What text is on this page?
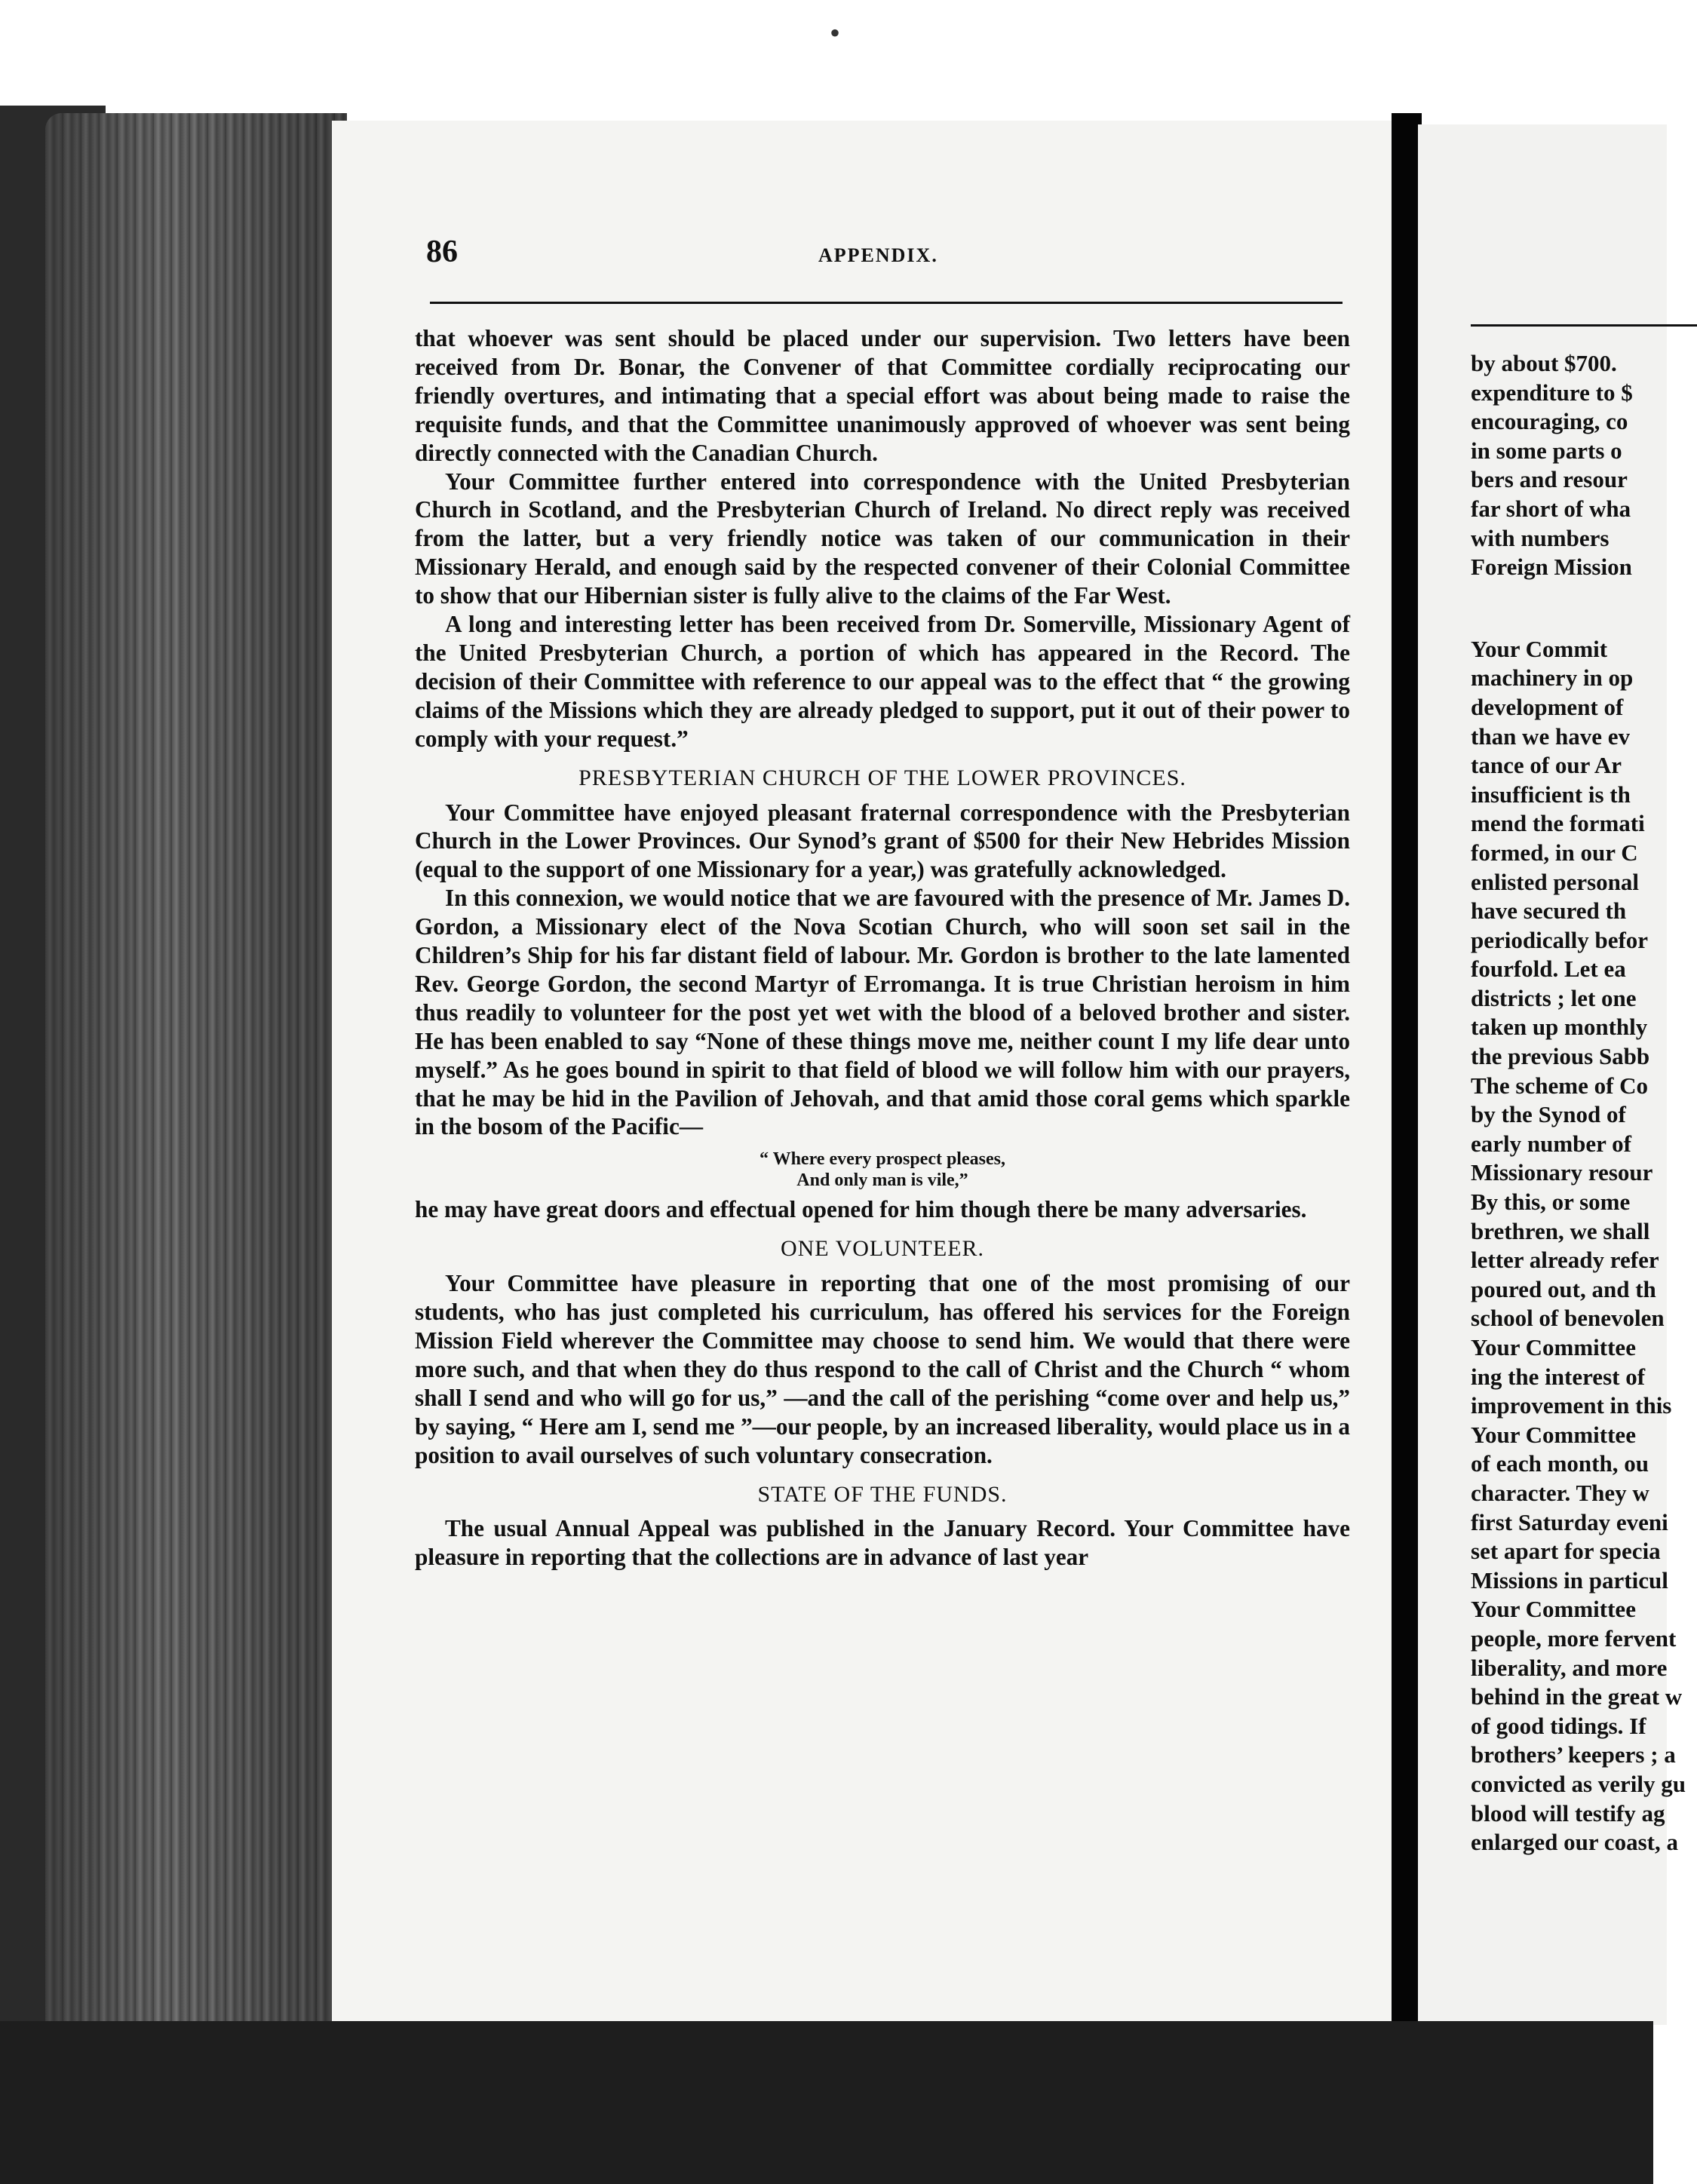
•
86	APPENDIX.

that whoever was sent should be placed under our supervision. Two letters have been received from Dr. Bonar, the Convener of that Committee cordially reciprocating our friendly overtures, and intimating that a special effort was about being made to raise the requisite funds, and that the Committee unanimously approved of whoever was sent being directly connected with the Canadian Church.

Your Committee further entered into correspondence with the United Presbyterian Church in Scotland, and the Presbyterian Church of Ireland. No direct reply was received from the latter, but a very friendly notice was taken of our communication in their Missionary Herald, and enough said by the respected convener of their Colonial Committee to show that our Hibernian sister is fully alive to the claims of the Far West.

A long and interesting letter has been received from Dr. Somerville, Missionary Agent of the United Presbyterian Church, a portion of which has appeared in the Record. The decision of their Committee with reference to our appeal was to the effect that “ the growing claims of the Missions which they are already pledged to support, put it out of their power to comply with your request.”

PRESBYTERIAN CHURCH OF THE LOWER PROVINCES.

Your Committee have enjoyed pleasant fraternal correspondence with the Presbyterian Church in the Lower Provinces. Our Synod’s grant of $500 for their New Hebrides Mission (equal to the support of one Missionary for a year,) was gratefully acknowledged.

In this connexion, we would notice that we are favoured with the presence of Mr. James D. Gordon, a Missionary elect of the Nova Scotian Church, who will soon set sail in the Children’s Ship for his far distant field of labour. Mr. Gordon is brother to the late lamented Rev. George Gordon, the second Martyr of Erromanga. It is true Christian heroism in him thus readily to volunteer for the post yet wet with the blood of a beloved brother and sister. He has been enabled to say “None of these things move me, neither count I my life dear unto myself.” As he goes bound in spirit to that field of blood we will follow him with our prayers, that he may be hid in the Pavilion of Jehovah, and that amid those coral gems which sparkle in the bosom of the Pacific—

“ Where every prospect pleases,
And only man is vile,”

he may have great doors and effectual opened for him though there be many adversaries.

ONE VOLUNTEER.

Your Committee have pleasure in reporting that one of the most promising of our students, who has just completed his curriculum, has offered his services for the Foreign Mission Field wherever the Committee may choose to send him. We would that there were more such, and that when they do thus respond to the call of Christ and the Church “ whom shall I send and who will go for us,” —and the call of the perishing “come over and help us,” by saying, “ Here am I, send me ”—our people, by an increased liberality, would place us in a position to avail ourselves of such voluntary consecration.

STATE OF THE FUNDS.

The usual Annual Appeal was published in the January Record. Your Committee have pleasure in reporting that the collections are in advance of last year

by about $700.
expenditure to $
encouraging, co
in some parts o
bers and resour
far short of wha
with numbers
Foreign Mission
Your Commit
machinery in op
development of
than we have ev
tance of our Ar
insufficient is th
mend the formati
formed, in our C
enlisted personal
have secured th
periodically befor
fourfold. Let ea
districts ; let one
taken up monthly
the previous Sabb
The scheme of Co
by the Synod of
early number of
Missionary resour
By this, or some
brethren, we shall
letter already refer
poured out, and th
school of benevolen
Your Committee
ing the interest of
improvement in this
Your Committee
of each month, ou
character. They w
first Saturday eveni
set apart for specia
Missions in particul
Your Committee
people, more fervent
liberality, and more
behind in the great w
of good tidings. If
brothers’ keepers ; a
convicted as verily gu
blood will testify ag
enlarged our coast, a
